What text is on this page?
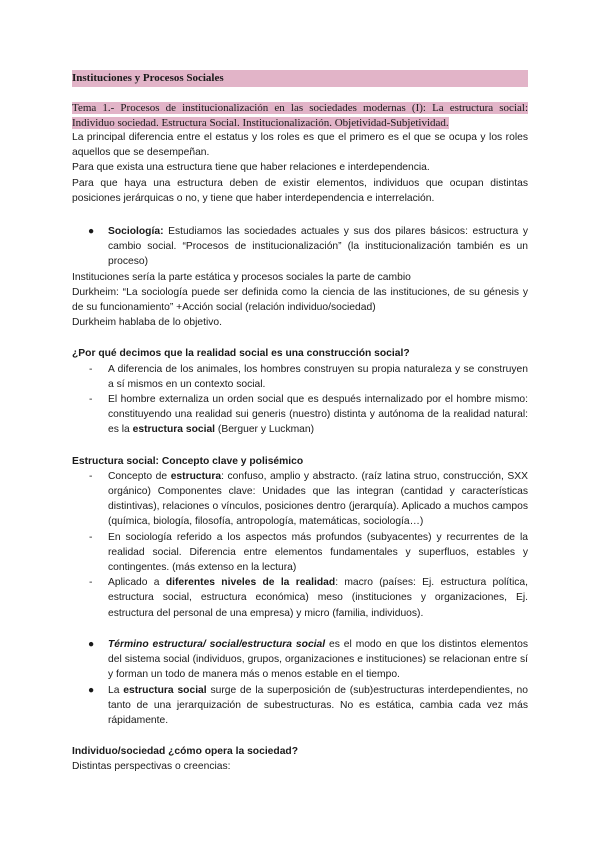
Instituciones y Procesos Sociales

Tema 1.- Procesos de institucionalización en las sociedades modernas (I): La estructura social: Individuo sociedad. Estructura Social. Institucionalización. Objetividad-Subjetividad.

La principal diferencia entre el estatus y los roles es que el primero es el que se ocupa y los roles aquellos que se desempeñan.

Para que exista una estructura tiene que haber relaciones e interdependencia.

Para que haya una estructura deben de existir elementos, individuos que ocupan distintas posiciones jerárquicas o no, y tiene que haber interdependencia e interrelación.

● Sociología: Estudiamos las sociedades actuales y sus dos pilares básicos: estructura y cambio social. “Procesos de institucionalización” (la institucionalización también es un proceso)

Instituciones sería la parte estática y procesos sociales la parte de cambio

Durkheim: “La sociología puede ser definida como la ciencia de las instituciones, de su génesis y de su funcionamiento” +Acción social (relación individuo/sociedad)

Durkheim hablaba de lo objetivo.

¿Por qué decimos que la realidad social es una construcción social?

- A diferencia de los animales, los hombres construyen su propia naturaleza y se construyen a sí mismos en un contexto social.
- El hombre externaliza un orden social que es después internalizado por el hombre mismo: constituyendo una realidad sui generis (nuestro) distinta y autónoma de la realidad natural: es la estructura social (Berguer y Luckman)

Estructura social: Concepto clave y polisémico

- Concepto de estructura: confuso, amplio y abstracto. (raíz latina struo, construcción, SXX orgánico) Componentes clave: Unidades que las integran (cantidad y características distintivas), relaciones o vínculos, posiciones dentro (jerarquía). Aplicado a muchos campos (química, biología, filosofía, antropología, matemáticas, sociología…)
- En sociología referido a los aspectos más profundos (subyacentes) y recurrentes de la realidad social. Diferencia entre elementos fundamentales y superfluos, estables y contingentes. (más extenso en la lectura)
- Aplicado a diferentes niveles de la realidad: macro (países: Ej. estructura política, estructura social, estructura económica) meso (instituciones y organizaciones, Ej. estructura del personal de una empresa) y micro (familia, individuos).
● Término estructura/ social/estructura social es el modo en que los distintos elementos del sistema social (individuos, grupos, organizaciones e instituciones) se relacionan entre sí y forman un todo de manera más o menos estable en el tiempo.
● La estructura social surge de la superposición de (sub)estructuras interdependientes, no tanto de una jerarquización de subestructuras. No es estática, cambia cada vez más rápidamente.

Individuo/sociedad ¿cómo opera la sociedad?

Distintas perspectivas o creencias:
